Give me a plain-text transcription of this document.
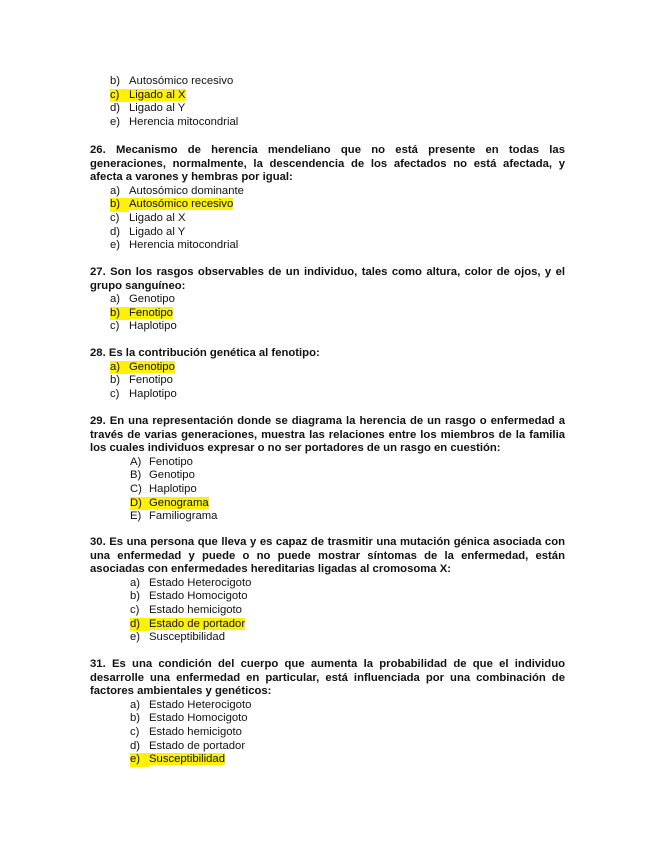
b) Autosómico recesivo
c) Ligado al X
d) Ligado al Y
e) Herencia mitocondrial

26. Mecanismo de herencia mendeliano que no está presente en todas las generaciones, normalmente, la descendencia de los afectados no está afectada, y afecta a varones y hembras por igual:

a) Autosómico dominante
b) Autosómico recesivo
c) Ligado al X
d) Ligado al Y
e) Herencia mitocondrial

27. Son los rasgos observables de un individuo, tales como altura, color de ojos, y el grupo sanguíneo:

a) Genotipo
b) Fenotipo
c) Haplotipo

28. Es la contribución genética al fenotipo:

a) Genotipo
b) Fenotipo
c) Haplotipo

29. En una representación donde se diagrama la herencia de un rasgo o enfermedad a través de varias generaciones, muestra las relaciones entre los miembros de la familia los cuales individuos expresar o no ser portadores de un rasgo en cuestión:

A) Fenotipo
B) Genotipo
C) Haplotipo
D) Genograma
E) Familiograma

30. Es una persona que lleva y es capaz de trasmitir una mutación génica asociada con una enfermedad y puede o no puede mostrar síntomas de la enfermedad, están asociadas con enfermedades hereditarias ligadas al cromosoma X:

a) Estado Heterocigoto
b) Estado Homocigoto
c) Estado hemicigoto
d) Estado de portador
e) Susceptibilidad

31. Es una condición del cuerpo que aumenta la probabilidad de que el individuo desarrolle una enfermedad en particular, está influenciada por una combinación de factores ambientales y genéticos:

a) Estado Heterocigoto
b) Estado Homocigoto
c) Estado hemicigoto
d) Estado de portador
e) Susceptibilidad
